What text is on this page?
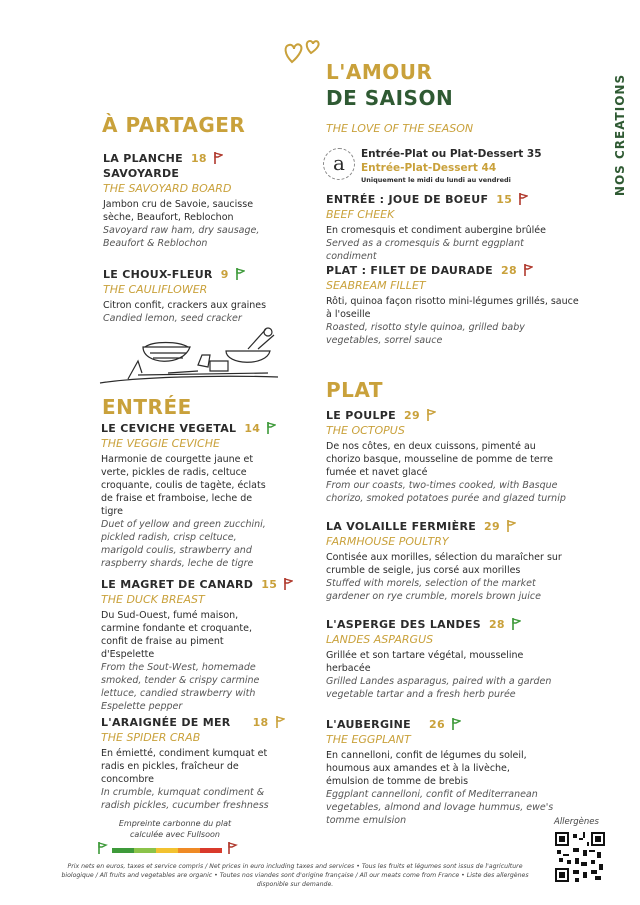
NOS CREATIONS
L'AMOUR
DE SAISON
THE LOVE OF THE SEASON
a	Entrée-Plat ou Plat-Dessert 35
Entrée-Plat-Dessert 44
Uniquement le midi du lundi au vendredi
À PARTAGER
ENTRÉE
PLAT
LA PLANCHE 18
SAVOYARDE
THE SAVOYARD BOARD
Jambon cru de Savoie, saucisse sèche, Beaufort, Reblochon
Savoyard raw ham, dry sausage, Beaufort & Reblochon
LE CHOUX-FLEUR 9
THE CAULIFLOWER
Citron confit, crackers aux graines
Candied lemon, seed cracker
LE CEVICHE VEGETAL 14
THE VEGGIE CEVICHE
Harmonie de courgette jaune et verte, pickles de radis, celtuce croquante, coulis de tagète, éclats de fraise et framboise, leche de tigre
Duet of yellow and green zucchini, pickled radish, crisp celtuce, marigold coulis, strawberry and raspberry shards, leche de tigre
LE MAGRET DE CANARD 15
THE DUCK BREAST
Du Sud-Ouest, fumé maison, carmine fondante et croquante, confit de fraise au piment d'Espelette
From the Sout-West, homemade smoked, tender & crispy carmine lettuce, candied strawberry with Espelette pepper
L'ARAIGNÉE DE MER 18
THE SPIDER CRAB
En émietté, condiment kumquat et radis en pickles, fraîcheur de concombre
In crumble, kumquat condiment & radish pickles, cucumber freshness
ENTRÉE : JOUE DE BOEUF 15
BEEF CHEEK
En cromesquis et condiment aubergine brûlée
Served as a cromesquis & burnt eggplant condiment
PLAT : FILET DE DAURADE 28
SEABREAM FILLET
Rôti, quinoa façon risotto mini-légumes grillés, sauce à l'oseille
Roasted, risotto style quinoa, grilled baby vegetables, sorrel sauce
LE POULPE 29
THE OCTOPUS
De nos côtes, en deux cuissons, pimenté au chorizo basque, mousseline de pomme de terre fumée et navet glacé
From our coasts, two-times cooked, with Basque chorizo, smoked potatoes purée and glazed turnip
LA VOLAILLE FERMIÈRE 29
FARMHOUSE POULTRY
Contisée aux morilles, sélection du maraîcher sur crumble de seigle, jus corsé aux morilles
Stuffed with morels, selection of the market gardener on rye crumble, morels brown juice
L'ASPERGE DES LANDES 28
LANDES ASPARGUS
Grillée et son tartare végétal, mousseline herbacée
Grilled Landes asparagus, paired with a garden vegetable tartar and a fresh herb purée
L'AUBERGINE 26
THE EGGPLANT
En cannelloni, confit de légumes du soleil, houmous aux amandes et à la livèche, émulsion de tomme de brebis
Eggplant cannelloni, confit of Mediterranean vegetables, almond and lovage hummus, ewe's tomme emulsion
Empreinte carbonne du plat
calculée avec Fullsoon
Allergènes
Prix nets en euros, taxes et service compris / Net prices in euro including taxes and services • Tous les fruits et légumes sont issus de l'agriculture biologique / All fruits and vegetables are organic • Toutes nos viandes sont d'origine française / All our meats come from France • Liste des allergènes disponible sur demande.
